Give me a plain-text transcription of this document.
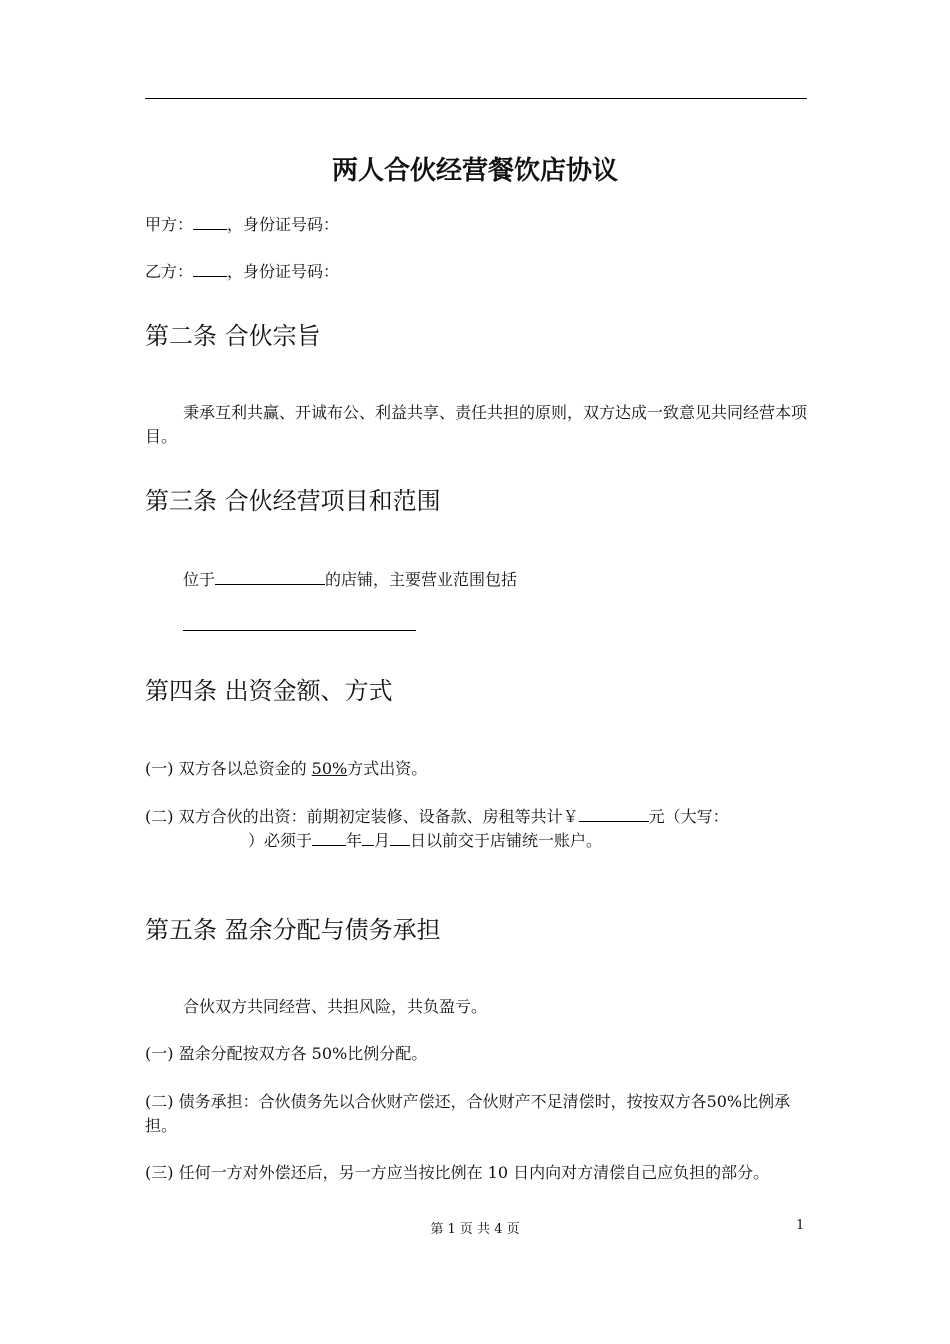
两人合伙经营餐饮店协议
甲方： ，身份证号码：
乙方： ，身份证号码：
第二条 合伙宗旨
秉承互利共赢、开诚布公、利益共享、责任共担的原则，双方达成一致意见共同经营本项目。
第三条 合伙经营项目和范围
位于	的店铺，主要营业范围包括
第四条 出资金额、方式
(一) 双方各以总资金的 50%方式出资。
(二) 双方合伙的出资：前期初定装修、设备款、房租等共计￥	元（大写：
）必须于 年 月 日以前交于店铺统一账户。
第五条 盈余分配与债务承担
合伙双方共同经营、共担风险，共负盈亏。
(一) 盈余分配按双方各 50%比例分配。
(二) 债务承担：合伙债务先以合伙财产偿还，合伙财产不足清偿时，按按双方各50%比例承担。
(三) 任何一方对外偿还后，另一方应当按比例在 10 日内向对方清偿自己应负担的部分。
第 1 页 共 4 页	1
